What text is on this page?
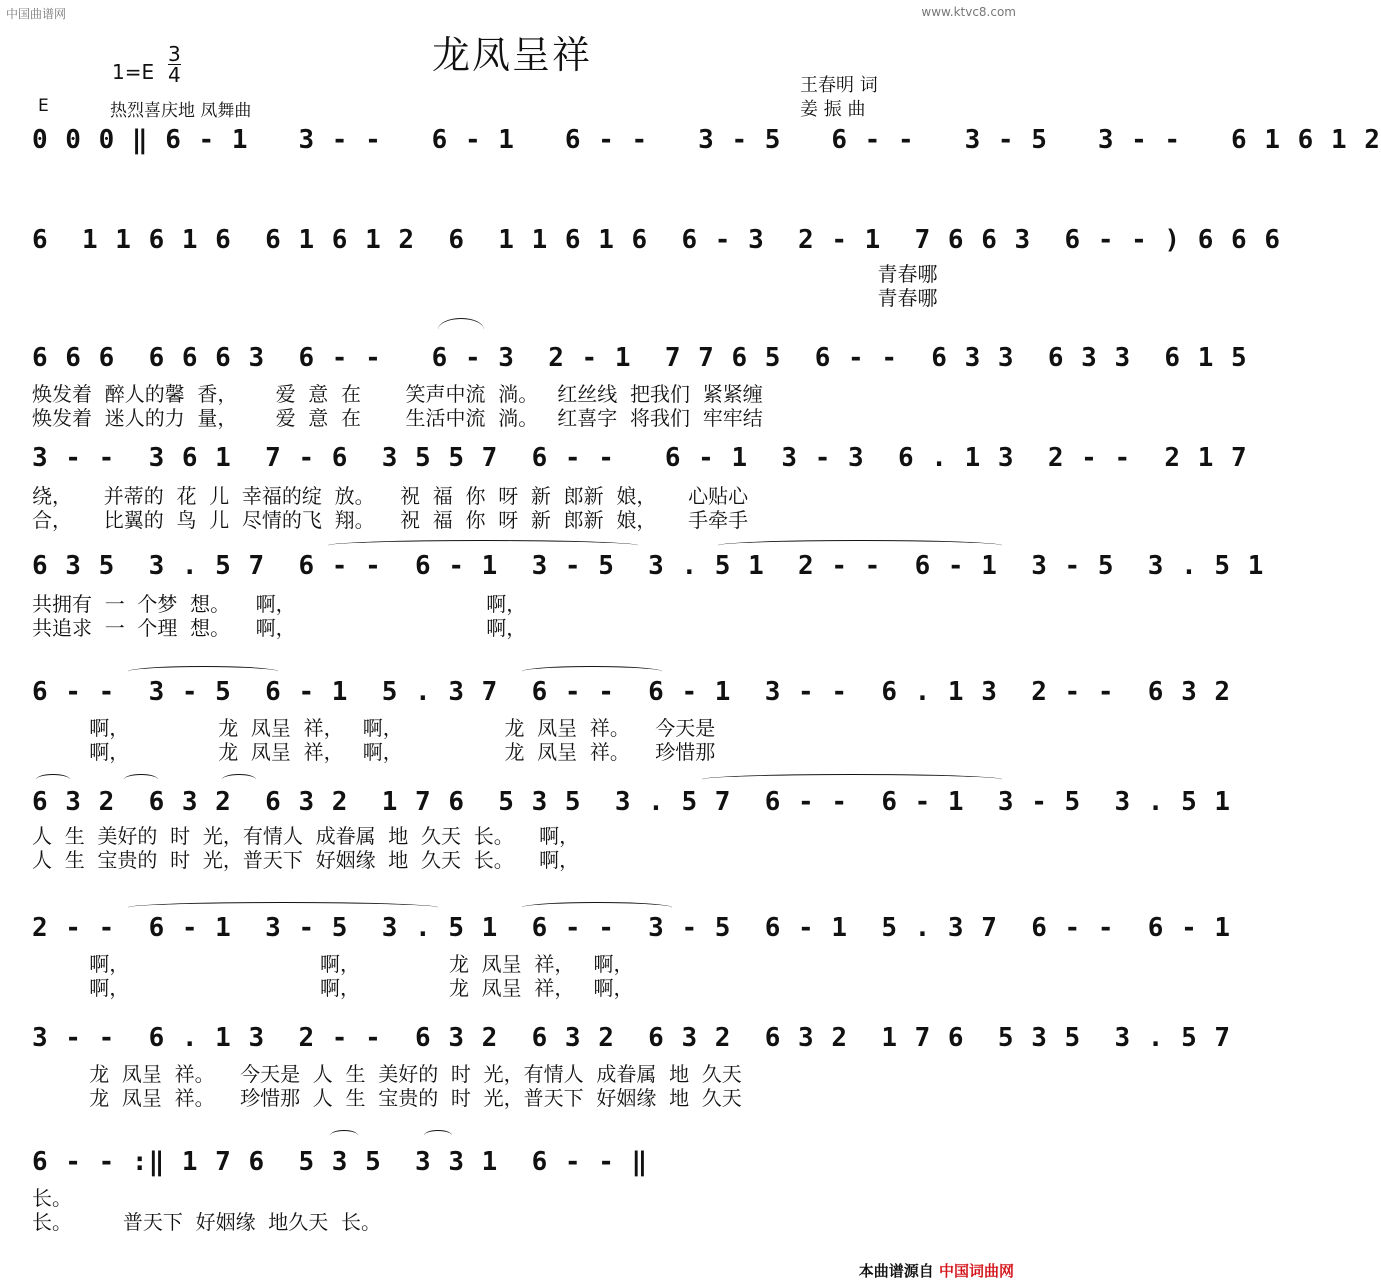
中国曲谱网	www.ktvc8.com
龙凤呈祥
1=E
3
4
E	热烈喜庆地 凤舞曲
王春明 词
姜 振 曲
0 0 0 ‖ 6 - 1   3 - -   6 - 1   6 - -   3 - 5   6 - -   3 - 5   3 - -   6 1 6 1 2
6  1 1 6 1 6  6 1 6 1 2  6  1 1 6 1 6  6 - 3  2 - 1  7 6 6 3  6 - - ) 6 6 6
青春哪
青春哪
6 6 6  6 6 6 3  6 - -   6 - 3  2 - 1  7 7 6 5  6 - -  6 3 3  6 3 3  6 1 5
焕发着  醉人的馨  香，      爱  意  在       笑声中流  淌。   红丝线  把我们  紧紧缠
焕发着  迷人的力  量，      爱  意  在       生活中流  淌。   红喜字  将我们  牢牢结
3 - -  3 6 1  7 - 6  3 5 5 7  6 - -   6 - 1  3 - 3  6 . 1 3  2 - -  2 1 7
绕，     并蒂的  花  儿  幸福的绽  放。    祝  福  你  呀  新  郎新  娘，     心贴心
合，     比翼的  鸟  儿  尽情的飞  翔。    祝  福  你  呀  新  郎新  娘，     手牵手
6 3 5  3 . 5 7  6 - -  6 - 1  3 - 5  3 . 5 1  2 - -  6 - 1  3 - 5  3 . 5 1
共拥有  一  个梦  想。    啊，                              啊，
共追求  一  个理  想。    啊，                              啊，
6 - -  3 - 5  6 - 1  5 . 3 7  6 - -  6 - 1  3 - -  6 . 1 3  2 - -  6 3 2
啊，              龙  凤呈  祥，   啊，                龙  凤呈  祥。    今天是
啊，              龙  凤呈  祥，   啊，                龙  凤呈  祥。    珍惜那
6 3 2  6 3 2  6 3 2  1 7 6  5 3 5  3 . 5 7  6 - -  6 - 1  3 - 5  3 . 5 1
人  生  美好的  时  光，有情人  成眷属  地  久天  长。    啊，
人  生  宝贵的  时  光，普天下  好姻缘  地  久天  长。    啊，
2 - -  6 - 1  3 - 5  3 . 5 1  6 - -  3 - 5  6 - 1  5 . 3 7  6 - -  6 - 1
啊，                              啊，              龙  凤呈  祥，   啊，
啊，                              啊，              龙  凤呈  祥，   啊，
3 - -  6 . 1 3  2 - -  6 3 2  6 3 2  6 3 2  6 3 2  1 7 6  5 3 5  3 . 5 7
龙  凤呈  祥。    今天是  人  生  美好的  时  光，有情人  成眷属  地  久天
龙  凤呈  祥。    珍惜那  人  生  宝贵的  时  光，普天下  好姻缘  地  久天
6 - - :‖ 1 7 6  5 3 5  3 3 1  6 - - ‖
长。
长。        普天下  好姻缘  地久天  长。
本曲谱源自 中国词曲网
